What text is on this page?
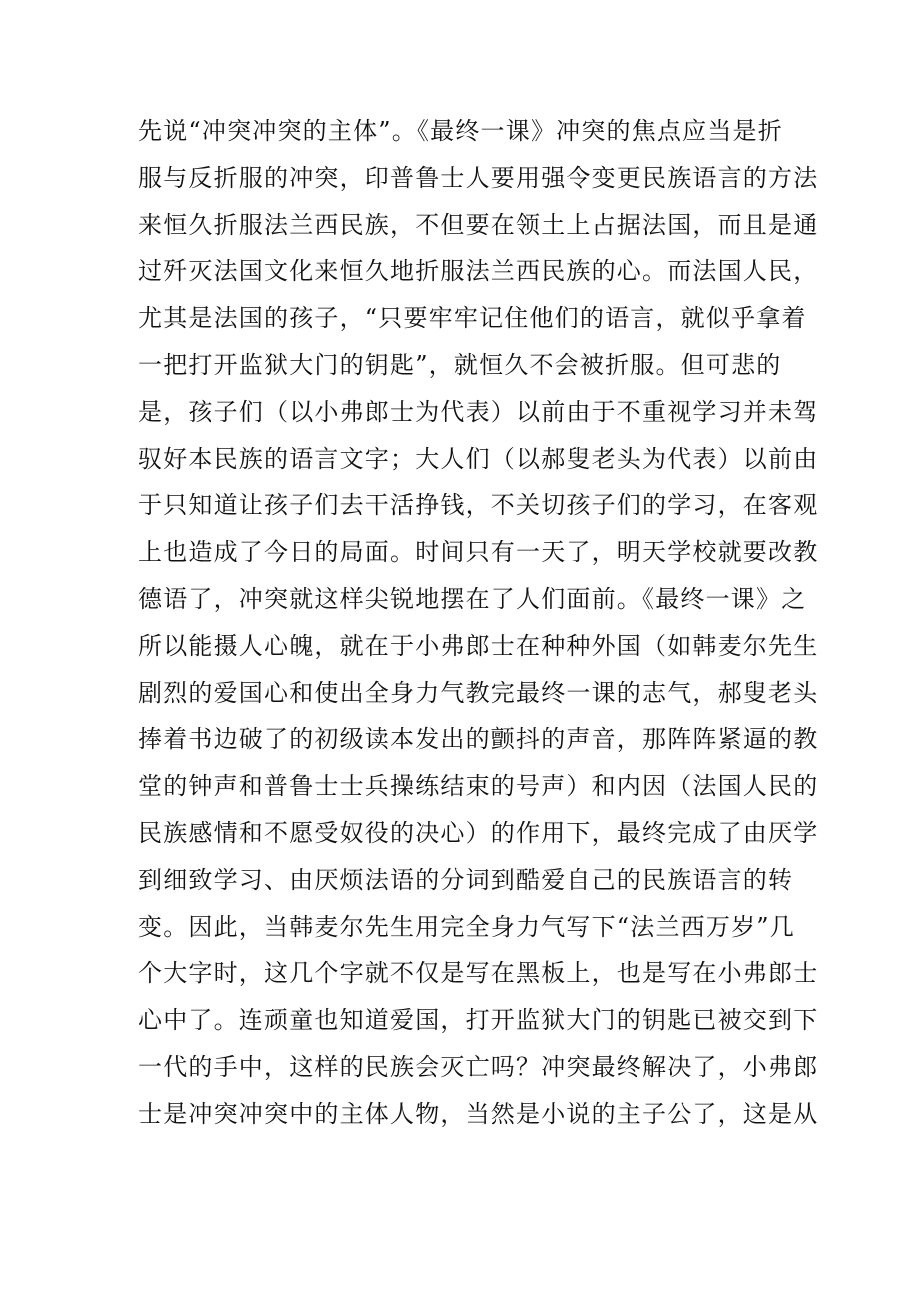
先说“冲突冲突的主体”。《最终一课》冲突的焦点应当是折
服与反折服的冲突，印普鲁士人要用强令变更民族语言的方法
来恒久折服法兰西民族，不但要在领土上占据法国，而且是通
过歼灭法国文化来恒久地折服法兰西民族的心。而法国人民，
尤其是法国的孩子，“只要牢牢记住他们的语言，就似乎拿着
一把打开监狱大门的钥匙”，就恒久不会被折服。但可悲的
是，孩子们（以小弗郎士为代表）以前由于不重视学习并未驾
驭好本民族的语言文字；大人们（以郝叟老头为代表）以前由
于只知道让孩子们去干活挣钱，不关切孩子们的学习，在客观
上也造成了今日的局面。时间只有一天了，明天学校就要改教
德语了，冲突就这样尖锐地摆在了人们面前。《最终一课》之
所以能摄人心魄，就在于小弗郎士在种种外国（如韩麦尔先生
剧烈的爱国心和使出全身力气教完最终一课的志气，郝叟老头
捧着书边破了的初级读本发出的颤抖的声音，那阵阵紧逼的教
堂的钟声和普鲁士士兵操练结束的号声）和内因（法国人民的
民族感情和不愿受奴役的决心）的作用下，最终完成了由厌学
到细致学习、由厌烦法语的分词到酷爱自己的民族语言的转
变。因此，当韩麦尔先生用完全身力气写下“法兰西万岁”几
个大字时，这几个字就不仅是写在黑板上，也是写在小弗郎士
心中了。连顽童也知道爱国，打开监狱大门的钥匙已被交到下
一代的手中，这样的民族会灭亡吗？冲突最终解决了，小弗郎
士是冲突冲突中的主体人物，当然是小说的主子公了，这是从
